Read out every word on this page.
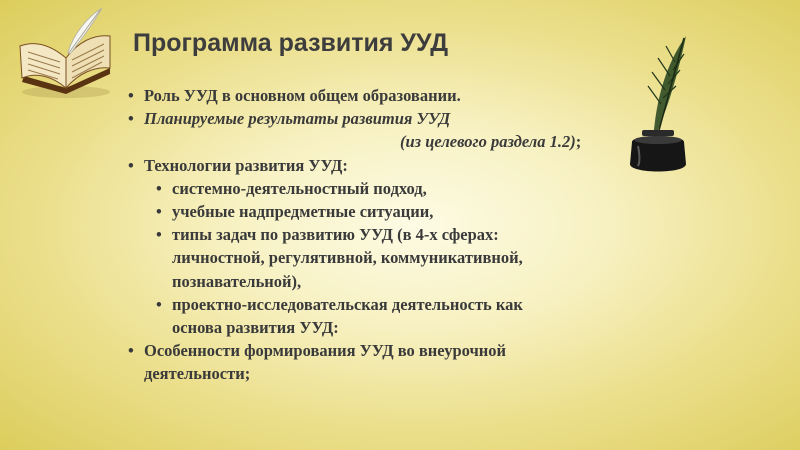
Программа развития УУД
• Роль УУД в основном общем образовании.
• Планируемые результаты развития УУД
(из целевого раздела 1.2);
• Технологии развития УУД:
• системно-деятельностный подход,
• учебные надпредметные ситуации,
• типы задач по развитию УУД (в 4-х сферах:
личностной, регулятивной, коммуникативной,
познавательной),
• проектно-исследовательская деятельность как
основа развития УУД:
• Особенности формирования УУД во внеурочной
деятельности;
